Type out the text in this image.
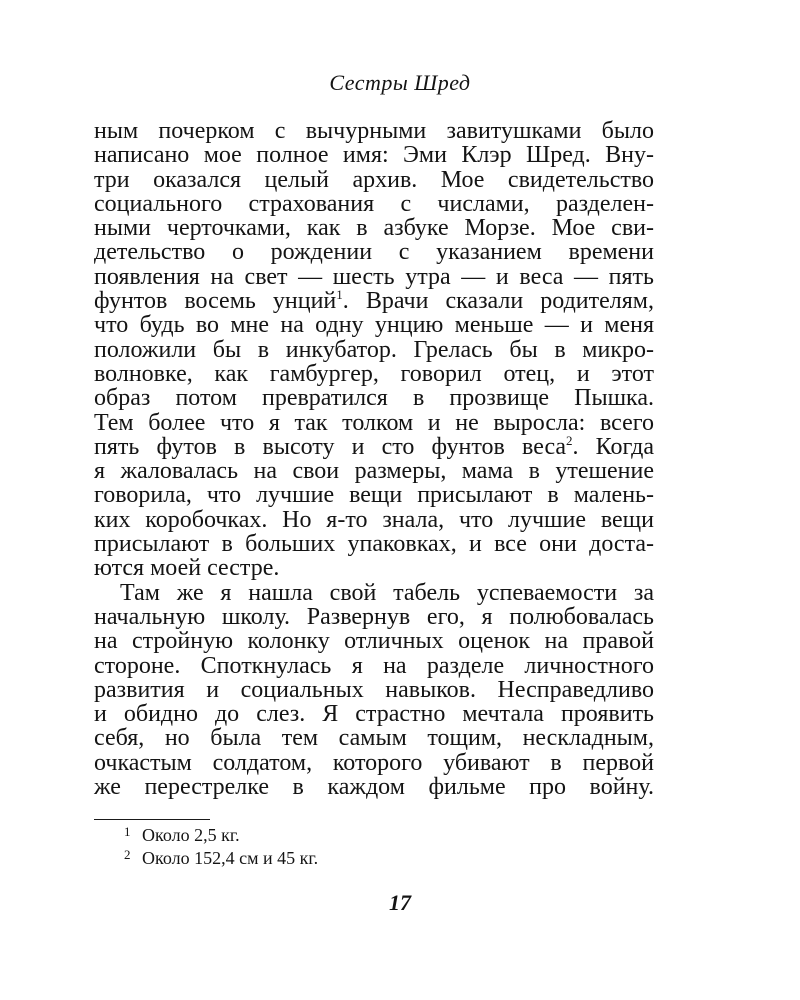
Сестры Шред
ным почерком с вычурными завитушками было
написано мое полное имя: Эми Клэр Шред. Вну-
три оказался целый архив. Мое свидетельство
социального страхования с числами, разделен-
ными черточками, как в азбуке Морзе. Мое сви-
детельство о рождении с указанием времени
появления на свет — шесть утра — и веса — пять
фунтов восемь унций$^1$. Врачи сказали родителям,
что будь во мне на одну унцию меньше — и меня
положили бы в инкубатор. Грелась бы в микро-
волновке, как гамбургер, говорил отец, и этот
образ потом превратился в прозвище Пышка.
Тем более что я так толком и не выросла: всего
пять футов в высоту и сто фунтов веса$^2$. Когда
я жаловалась на свои размеры, мама в утешение
говорила, что лучшие вещи присылают в малень-
ких коробочках. Но я-то знала, что лучшие вещи
присылают в больших упаковках, и все они доста-
ются моей сестре.
Там же я нашла свой табель успеваемости за
начальную школу. Развернув его, я полюбовалась
на стройную колонку отличных оценок на правой
стороне. Споткнулась я на разделе личностного
развития и социальных навыков. Несправедливо
и обидно до слез. Я страстно мечтала проявить
себя, но была тем самым тощим, нескладным,
очкастым солдатом, которого убивают в первой
же перестрелке в каждом фильме про войну.
1 Около 2,5 кг.
2 Около 152,4 см и 45 кг.
17
